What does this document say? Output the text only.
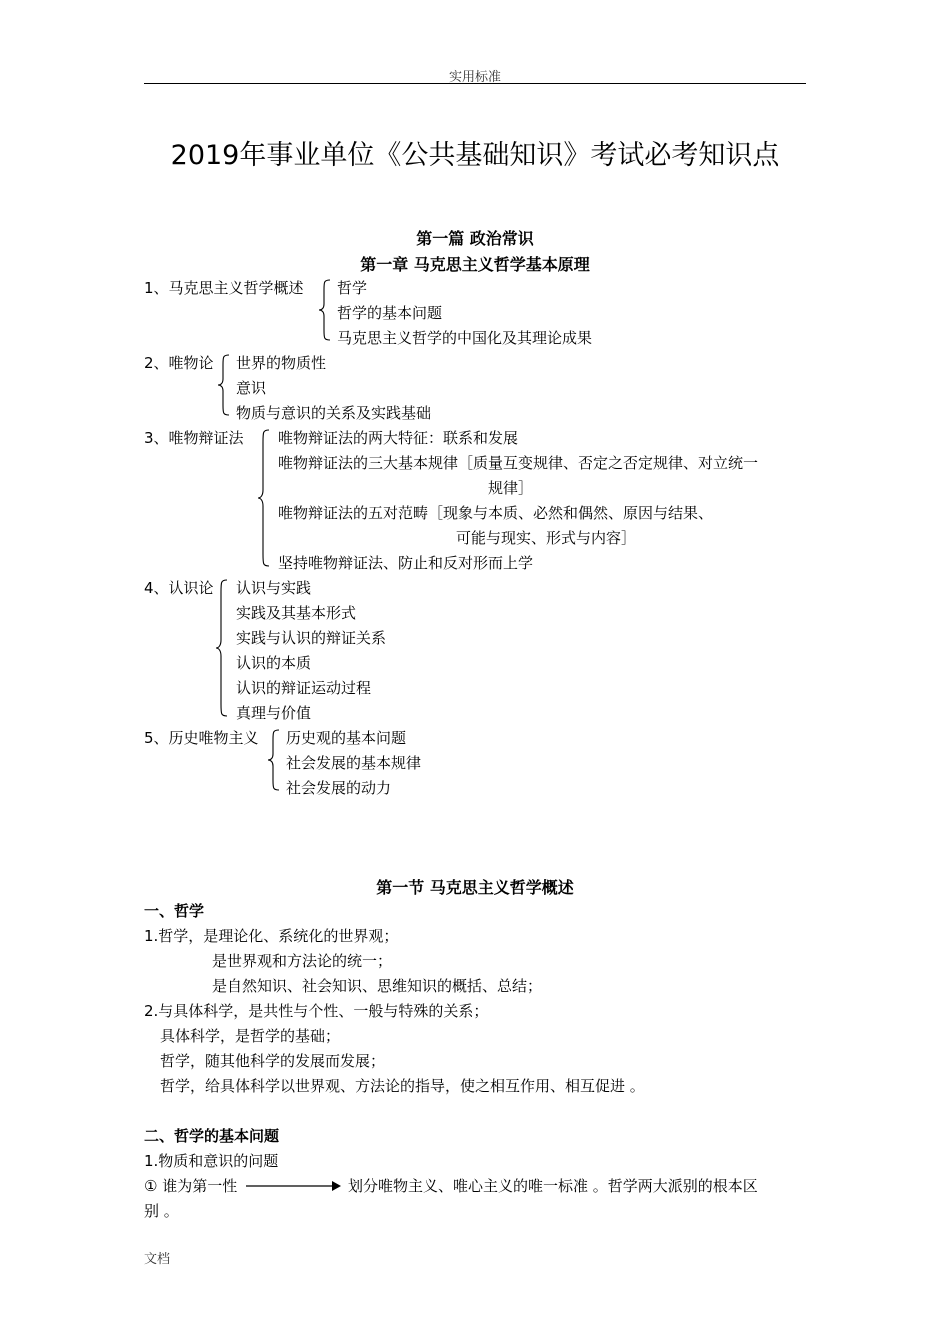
实用标准
2019年事业单位《公共基础知识》考试必考知识点
第一篇 政治常识
第一章 马克思主义哲学基本原理
1、马克思主义哲学概述 哲学
哲学的基本问题
马克思主义哲学的中国化及其理论成果
2、唯物论 世界的物质性
意识
物质与意识的关系及实践基础
3、唯物辩证法 唯物辩证法的两大特征：联系和发展
唯物辩证法的三大基本规律［质量互变规律、否定之否定规律、对立统一
规律］
唯物辩证法的五对范畴［现象与本质、必然和偶然、原因与结果、
可能与现实、形式与内容］
坚持唯物辩证法、防止和反对形而上学
4、认识论 认识与实践
实践及其基本形式
实践与认识的辩证关系
认识的本质
认识的辩证运动过程
真理与价值
5、历史唯物主义 历史观的基本问题
社会发展的基本规律
社会发展的动力
第一节 马克思主义哲学概述
一、哲学
1.哲学，是理论化、系统化的世界观；
是世界观和方法论的统一；
是自然知识、社会知识、思维知识的概括、总结；
2.与具体科学，是共性与个性、一般与特殊的关系；
具体科学，是哲学的基础；
哲学，随其他科学的发展而发展；
哲学，给具体科学以世界观、方法论的指导，使之相互作用、相互促进 。
二、哲学的基本问题
1.物质和意识的问题
① 谁为第一性	划分唯物主义、唯心主义的唯一标准 。哲学两大派别的根本区
别 。
文档
